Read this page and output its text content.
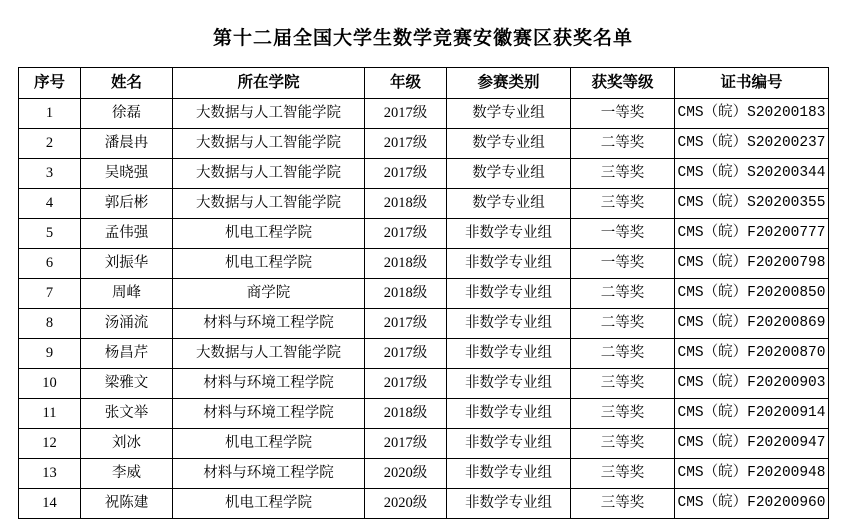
第十二届全国大学生数学竞赛安徽赛区获奖名单
序号	姓名	所在学院	年级	参赛类别	获奖等级	证书编号
1	徐磊	大数据与人工智能学院	2017级	数学专业组	一等奖	CMS（皖）S20200183
2	潘晨冉	大数据与人工智能学院	2017级	数学专业组	二等奖	CMS（皖）S20200237
3	吴晓强	大数据与人工智能学院	2017级	数学专业组	三等奖	CMS（皖）S20200344
4	郭后彬	大数据与人工智能学院	2018级	数学专业组	三等奖	CMS（皖）S20200355
5	孟伟强	机电工程学院	2017级	非数学专业组	一等奖	CMS（皖）F20200777
6	刘振华	机电工程学院	2018级	非数学专业组	一等奖	CMS（皖）F20200798
7	周峰	商学院	2018级	非数学专业组	二等奖	CMS（皖）F20200850
8	汤涌流	材料与环境工程学院	2017级	非数学专业组	二等奖	CMS（皖）F20200869
9	杨昌芹	大数据与人工智能学院	2017级	非数学专业组	二等奖	CMS（皖）F20200870
10	梁雅文	材料与环境工程学院	2017级	非数学专业组	三等奖	CMS（皖）F20200903
11	张文举	材料与环境工程学院	2018级	非数学专业组	三等奖	CMS（皖）F20200914
12	刘冰	机电工程学院	2017级	非数学专业组	三等奖	CMS（皖）F20200947
13	李威	材料与环境工程学院	2020级	非数学专业组	三等奖	CMS（皖）F20200948
14	祝陈建	机电工程学院	2020级	非数学专业组	三等奖	CMS（皖）F20200960
